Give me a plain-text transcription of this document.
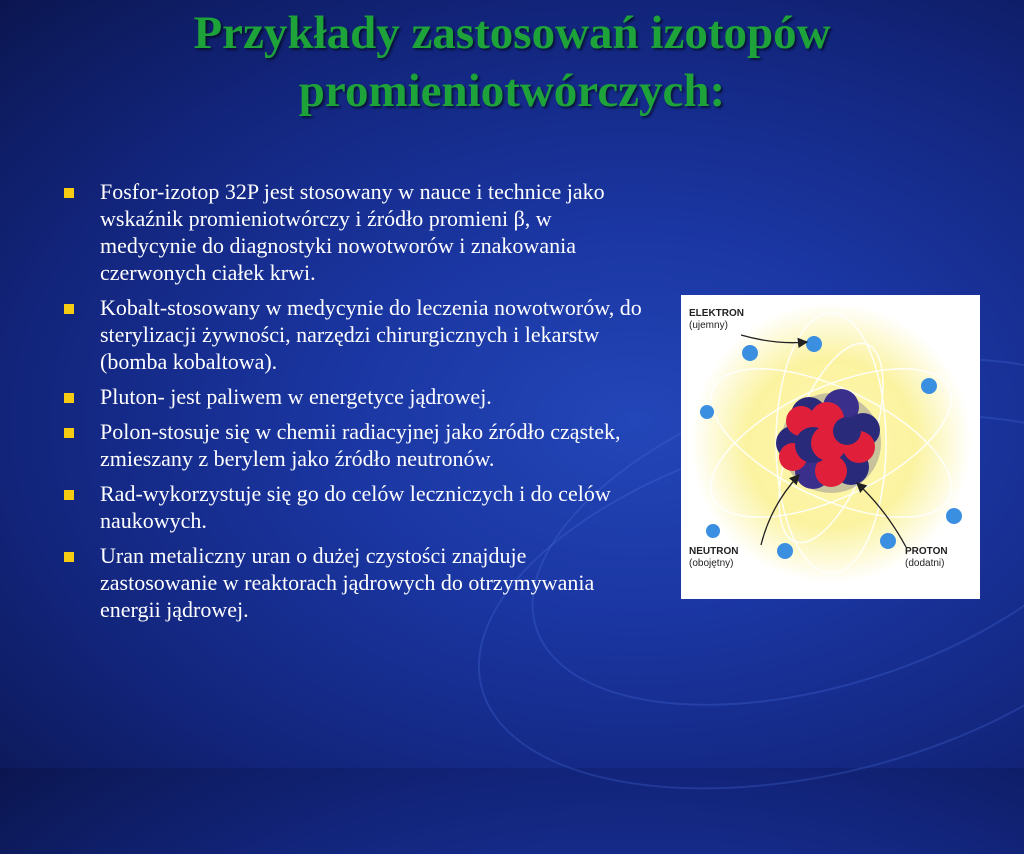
Przykłady zastosowań izotopów
promieniotwórczych:
Fosfor-izotop 32P jest stosowany w nauce i technice jako wskaźnik promieniotwórczy i źródło promieni β, w medycynie do diagnostyki nowotworów i znakowania czerwonych ciałek krwi.
Kobalt-stosowany w medycynie do leczenia nowotworów, do sterylizacji żywności, narzędzi chirurgicznych i lekarstw (bomba kobaltowa).
Pluton- jest paliwem w energetyce jądrowej.
Polon-stosuje się w chemii radiacyjnej jako źródło cząstek, zmieszany z berylem jako źródło neutronów.
Rad-wykorzystuje się go do celów leczniczych i do celów naukowych.
Uran metaliczny uran o dużej czystości znajduje zastosowanie w reaktorach jądrowych do otrzymywania energii jądrowej.
ELEKTRON
(ujemny)
NEUTRON
(obojętny)
PROTON
(dodatni)
